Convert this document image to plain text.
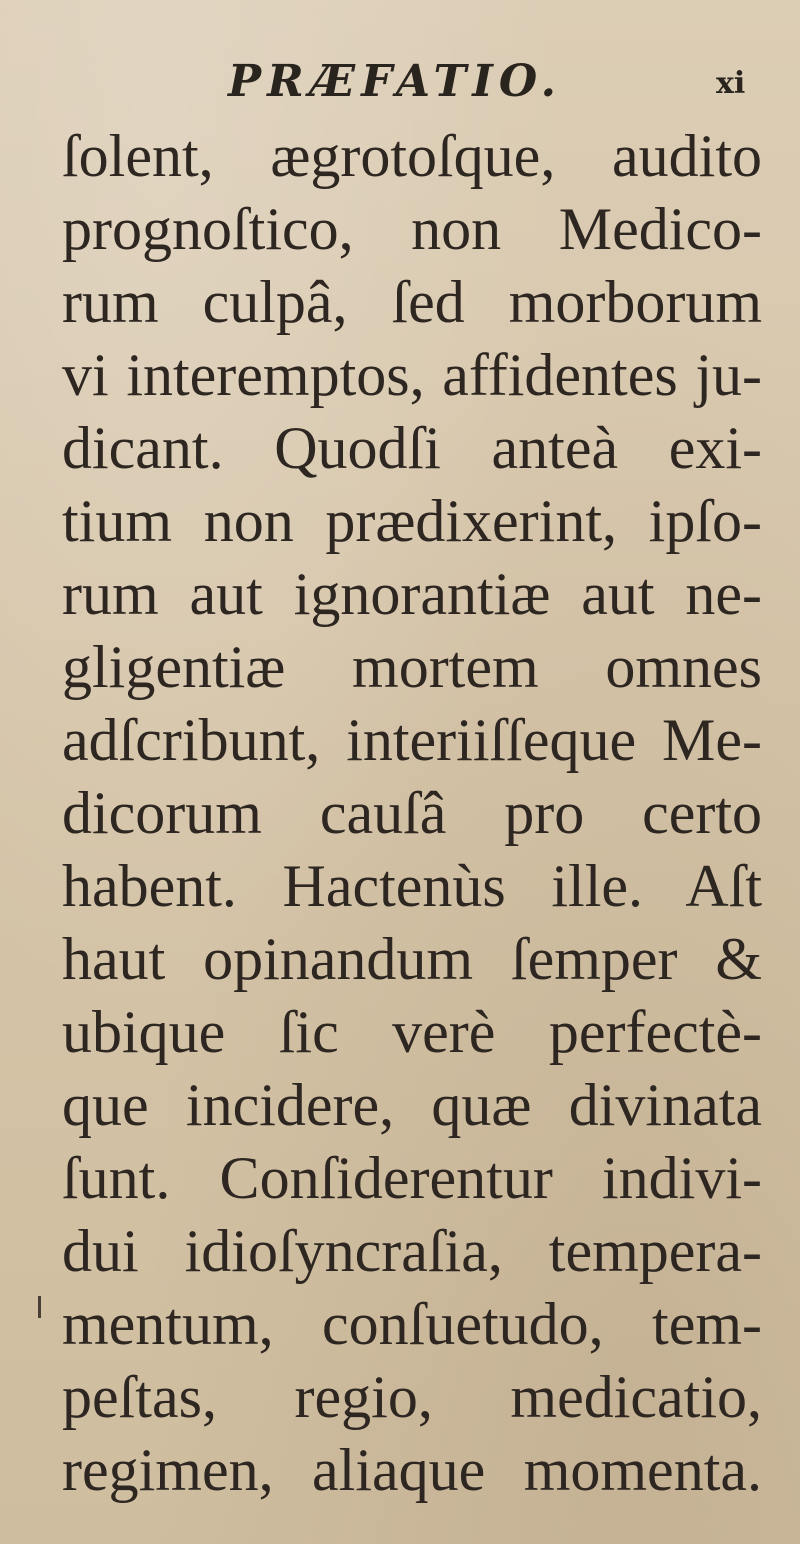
PRÆFATIO.	xi
ſolent, ægrotoſque, audito
prognoſtico, non Medico-
rum culpâ, ſed morborum
vi interemptos, affidentes ju-
dicant. Quodſi anteà exi-
tium non prædixerint, ipſo-
rum aut ignorantiæ aut ne-
gligentiæ mortem omnes
adſcribunt, interiiſſeque Me-
dicorum cauſâ pro certo
habent. Hactenùs ille. Aſt
haut opinandum ſemper &
ubique ſic verè perfectè-
que incidere, quæ divinata
ſunt. Conſiderentur indivi-
dui idioſyncraſia, tempera-
mentum, conſuetudo, tem-
peſtas, regio, medicatio,
regimen, aliaque momenta.
